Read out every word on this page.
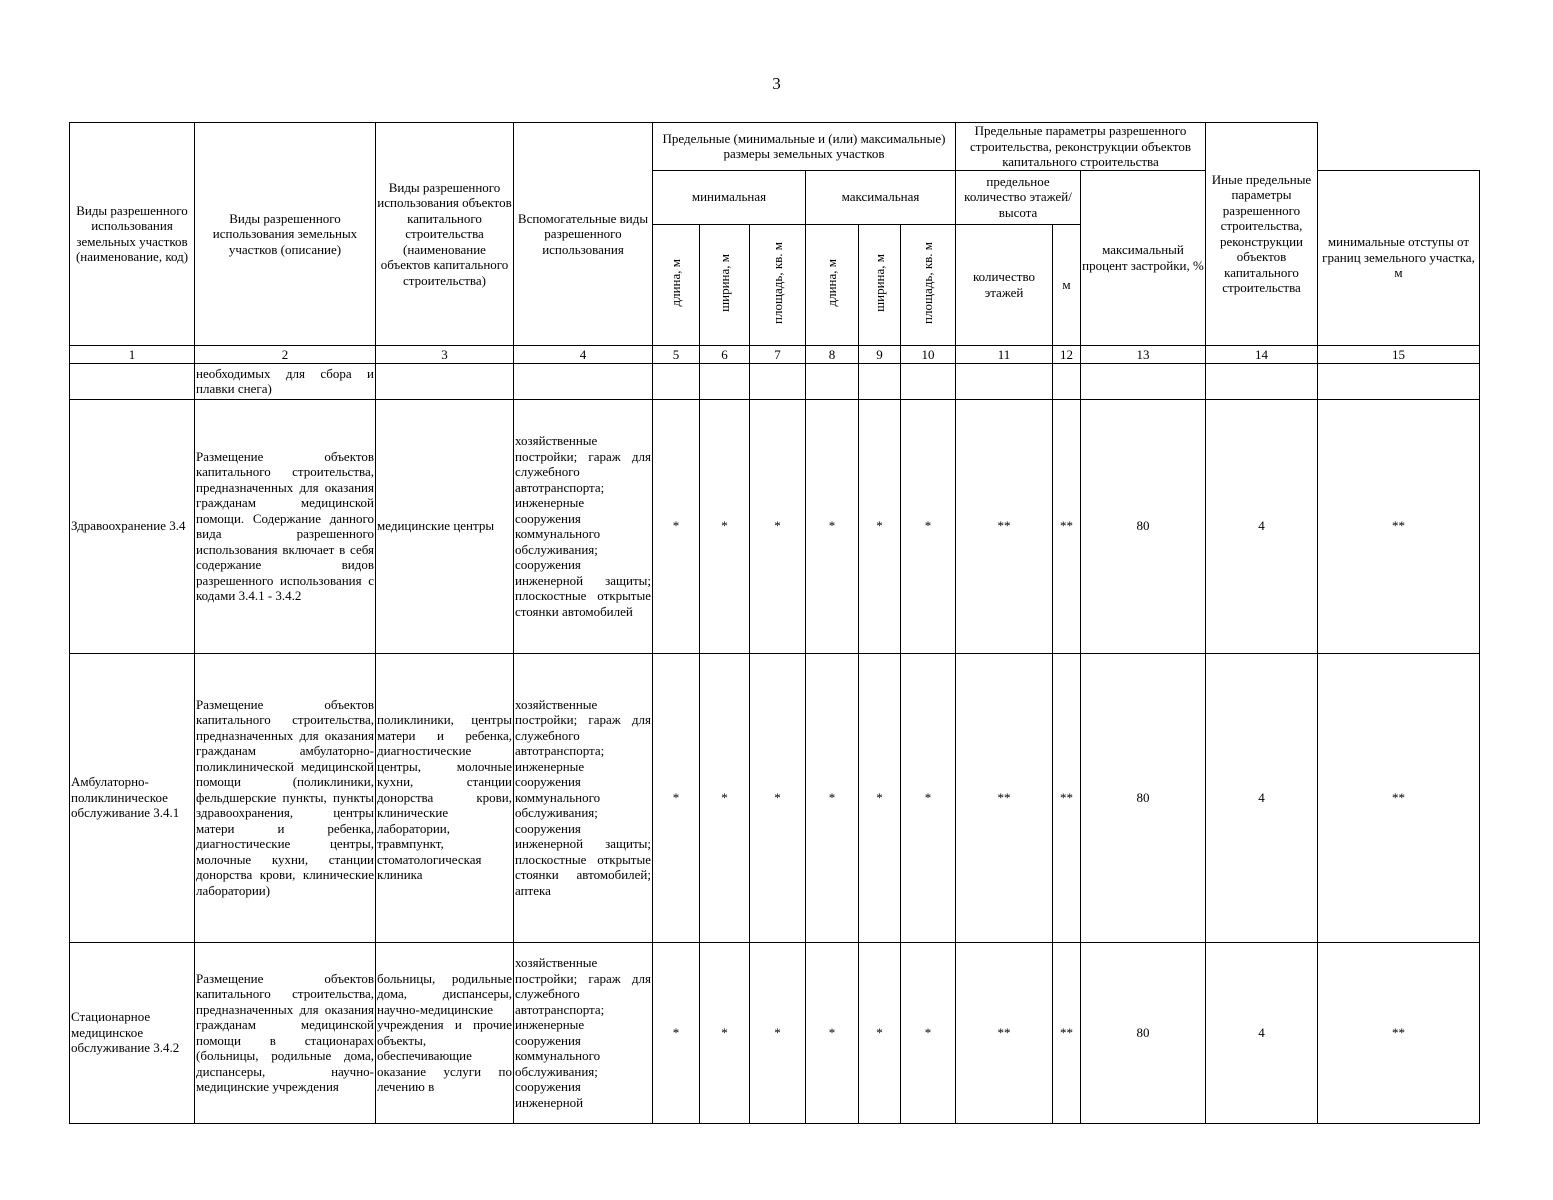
3
Виды разрешенного использования земельных участков (наименование, код)	Виды разрешенного использования земельных участков (описание)	Виды разрешенного использования объектов капитального строительства (наименование объектов капитального строительства)	Вспомогательные виды разрешенного использования	Предельные (минимальные и (или) максимальные) размеры земельных участков						Предельные параметры разрешенного строительства, реконструкции объектов капитального строительства			Иные предельные параметры разрешенного строительства, реконструкции объектов капитального строительства	
				минимальная			максимальная			предельное количество этажей/высота		максимальный процент застройки, %		минимальные отступы от границ земельного участка, м

				длина, м	ширина, м	площадь, кв. м	длина, м	ширина, м	площадь, кв. м	количество этажей	м			
1	2	3	4	5	6	7	8	9	10	11	12	13	14	15
	необходимых для сбора и плавки снега)													
Здравоохранение 3.4	Размещение объектов капитального строительства, предназначенных для оказания гражданам медицинской помощи. Содержание данного вида разрешенного использования включает в себя содержание видов разрешенного использования с кодами 3.4.1 - 3.4.2	медицинские центры	хозяйственные постройки; гараж для служебного автотранспорта; инженерные сооружения коммунального обслуживания; сооружения инженерной защиты; плоскостные открытые стоянки автомобилей	*	*	*	*	*	*	**	**	80	4	**
Амбулаторно-поликлиническое обслуживание 3.4.1	Размещение объектов капитального строительства, предназначенных для оказания гражданам амбулаторно-поликлинической медицинской помощи (поликлиники, фельдшерские пункты, пункты здравоохранения, центры матери и ребенка, диагностические центры, молочные кухни, станции донорства крови, клинические лаборатории)	поликлиники, центры матери и ребенка, диагностические центры, молочные кухни, станции донорства крови, клинические лаборатории, травмпункт, стоматологическая клиника	хозяйственные постройки; гараж для служебного автотранспорта; инженерные сооружения коммунального обслуживания; сооружения инженерной защиты; плоскостные открытые стоянки автомобилей; аптека	*	*	*	*	*	*	**	**	80	4	**
Стационарное медицинское обслуживание 3.4.2	Размещение объектов капитального строительства, предназначенных для оказания гражданам медицинской помощи в стационарах (больницы, родильные дома, диспансеры, научно-медицинские учреждения	больницы, родильные дома, диспансеры, научно-медицинские учреждения и прочие объекты, обеспечивающие оказание услуги по лечению в	хозяйственные постройки; гараж для служебного автотранспорта; инженерные сооружения коммунального обслуживания; сооружения инженерной	*	*	*	*	*	*	**	**	80	4	**
